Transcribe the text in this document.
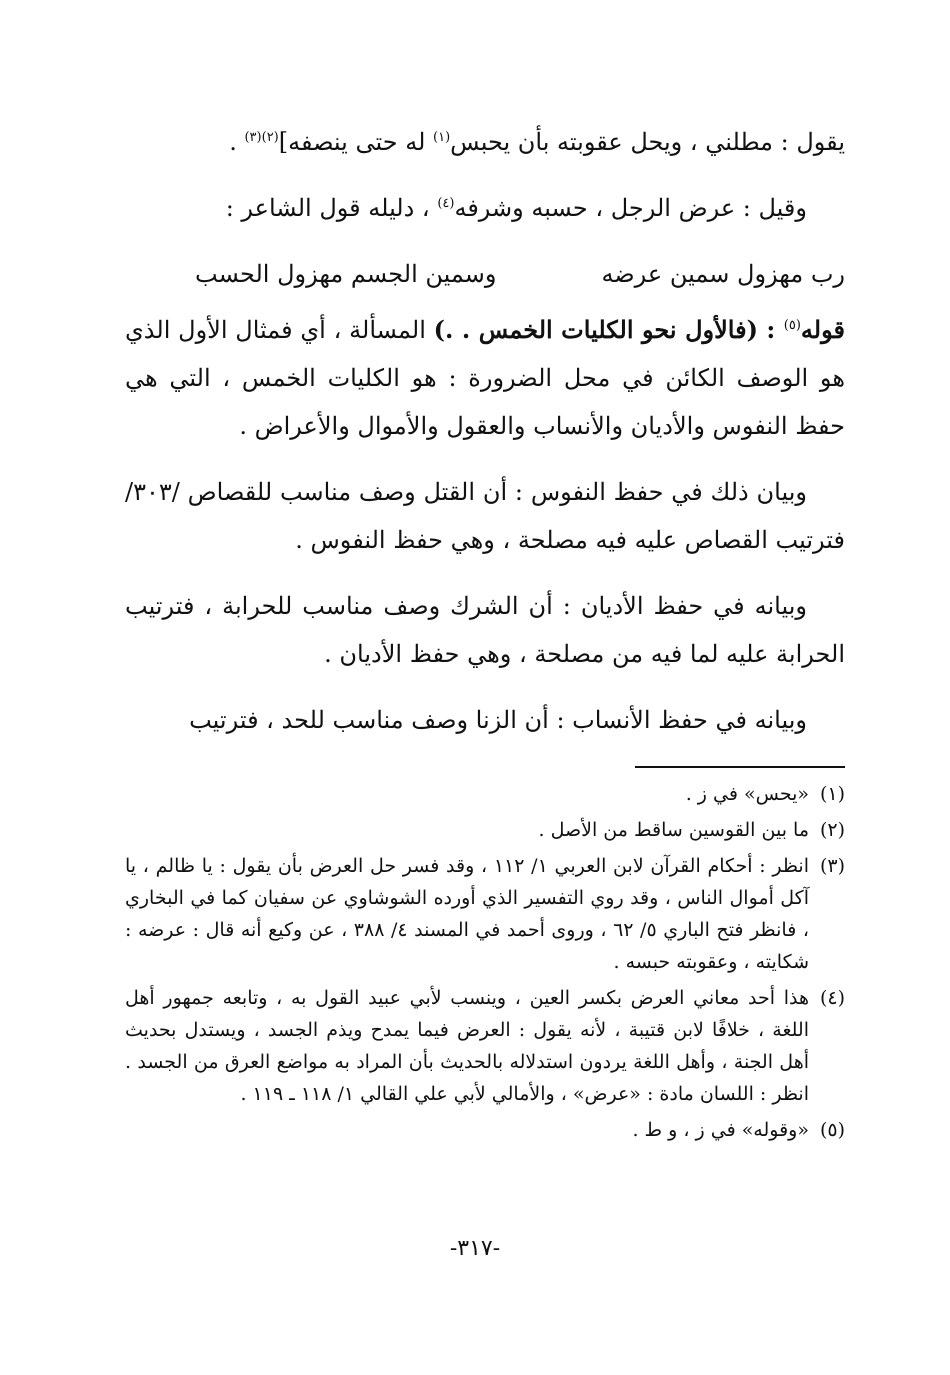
يقول : مطلني ، ويحل عقوبته بأن يحبس$^{(١)}$ له حتى ينصفه]$^{(٢)(٣)}$ .

وقيل : عرض الرجل ، حسبه وشرفه$^{(٤)}$ ، دليله قول الشاعر :

رب مهزول سمين عرضه
وسمين الجسم مهزول الحسب

قوله$^{(٥)}$ : (فالأول نحو الكليات الخمس . .) المسألة ، أي فمثال الأول الذي هو الوصف الكائن في محل الضرورة : هو الكليات الخمس ، التي هي حفظ النفوس والأديان والأنساب والعقول والأموال والأعراض .

وبيان ذلك في حفظ النفوس : أن القتل وصف مناسب للقصاص /٣٠٣/ فترتيب القصاص عليه فيه مصلحة ، وهي حفظ النفوس .

وبيانه في حفظ الأديان : أن الشرك وصف مناسب للحرابة ، فترتيب الحرابة عليه لما فيه من مصلحة ، وهي حفظ الأديان .

وبيانه في حفظ الأنساب : أن الزنا وصف مناسب للحد ، فترتيب

(١)
«يحس» في ز .
(٢)
ما بين القوسين ساقط من الأصل .
(٣)
انظر : أحكام القرآن لابن العربي ١/ ١١٢ ، وقد فسر حل العرض بأن يقول : يا ظالم ، يا آكل أموال الناس ، وقد روي التفسير الذي أورده الشوشاوي عن سفيان كما في البخاري ، فانظر فتح الباري ٥/ ٦٢ ، وروى أحمد في المسند ٤/ ٣٨٨ ، عن وكيع أنه قال : عرضه : شكايته ، وعقوبته حبسه .
(٤)
هذا أحد معاني العرض بكسر العين ، وينسب لأبي عبيد القول به ، وتابعه جمهور أهل اللغة ، خلافًا لابن قتيبة ، لأنه يقول : العرض فيما يمدح ويذم الجسد ، ويستدل بحديث أهل الجنة ، وأهل اللغة يردون استدلاله بالحديث بأن المراد به مواضع العرق من الجسد . انظر : اللسان مادة : «عرض» ، والأمالي لأبي علي القالي ١/ ١١٨ ـ ١١٩ .
(٥)
«وقوله» في ز ، و ط .
-٣١٧-
